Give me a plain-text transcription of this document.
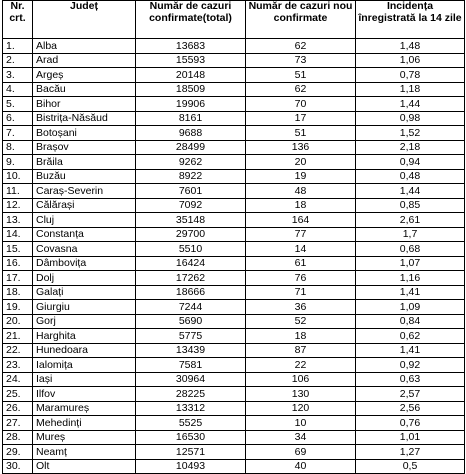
Nr. crt.	Județ	Număr de cazuri confirmate(total)	Număr de cazuri nou confirmate	Incidența înregistrată la 14 zile
1.	Alba	13683	62	1,48
2.	Arad	15593	73	1,06
3.	Argeș	20148	51	0,78
4.	Bacău	18509	62	1,18
5.	Bihor	19906	70	1,44
6.	Bistrița-Năsăud	8161	17	0,98
7.	Botoșani	9688	51	1,52
8.	Brașov	28499	136	2,18
9.	Brăila	9262	20	0,94
10.	Buzău	8922	19	0,48
11.	Caraș-Severin	7601	48	1,44
12.	Călărași	7092	18	0,85
13.	Cluj	35148	164	2,61
14.	Constanța	29700	77	1,7
15.	Covasna	5510	14	0,68
16.	Dâmbovița	16424	61	1,07
17.	Dolj	17262	76	1,16
18.	Galați	18666	71	1,41
19.	Giurgiu	7244	36	1,09
20.	Gorj	5690	52	0,84
21.	Harghita	5775	18	0,62
22.	Hunedoara	13439	87	1,41
23.	Ialomița	7581	22	0,92
24.	Iași	30964	106	0,63
25.	Ilfov	28225	130	2,57
26.	Maramureș	13312	120	2,56
27.	Mehedinți	5525	10	0,76
28.	Mureș	16530	34	1,01
29.	Neamț	12571	69	1,27
30.	Olt	10493	40	0,5
